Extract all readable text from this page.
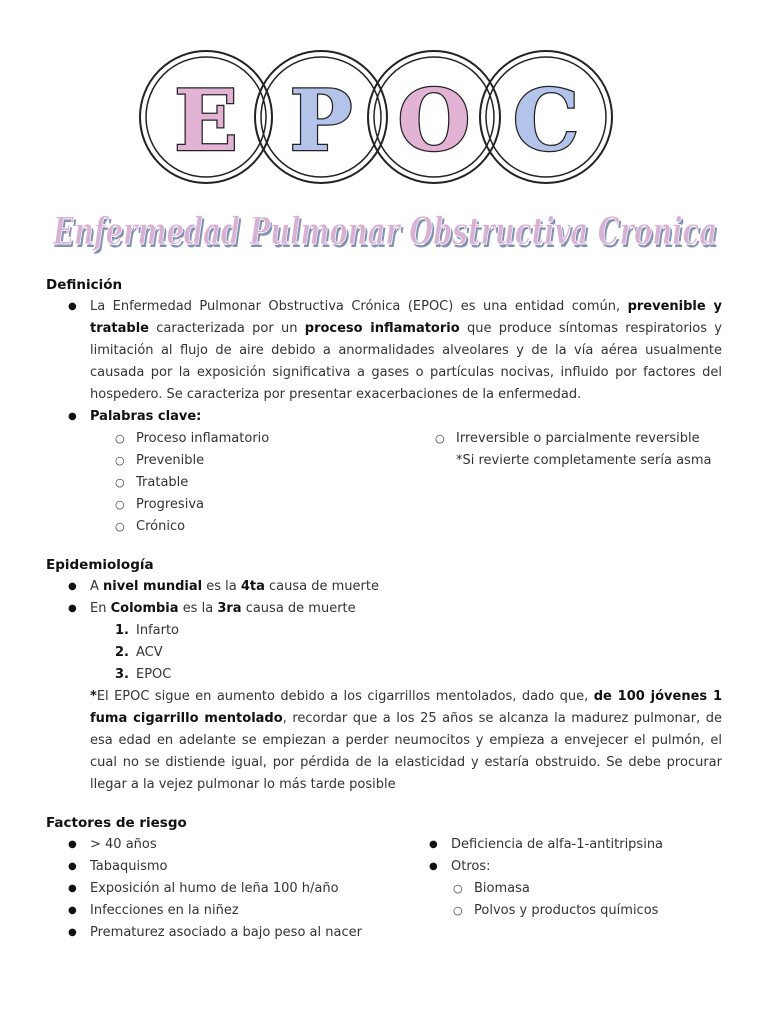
E P O C
Enfermedad Pulmonar Obstructiva Cronica
Enfermedad Pulmonar Obstructiva Cronica

Definición

● La Enfermedad Pulmonar Obstructiva Crónica (EPOC) es una entidad común, prevenible y tratable caracterizada por un proceso inflamatorio que produce síntomas respiratorios y limitación al flujo de aire debido a anormalidades alveolares y de la vía aérea usualmente causada por la exposición significativa a gases o partículas nocivas, influido por factores del hospedero. Se caracteriza por presentar exacerbaciones de la enfermedad.
● Palabras clave:
○ Proceso inflamatorio
○ Prevenible
○ Tratable
○ Progresiva
○ Crónico
○ Irreversible o parcialmente reversible
*Si revierte completamente sería asma

Epidemiología

● A nivel mundial es la 4ta causa de muerte
● En Colombia es la 3ra causa de muerte
1. Infarto
2. ACV
3. EPOC
*El EPOC sigue en aumento debido a los cigarrillos mentolados, dado que, de 100 jóvenes 1 fuma cigarrillo mentolado, recordar que a los 25 años se alcanza la madurez pulmonar, de esa edad en adelante se empiezan a perder neumocitos y empieza a envejecer el pulmón, el cual no se distiende igual, por pérdida de la elasticidad y estaría obstruido. Se debe procurar llegar a la vejez pulmonar lo más tarde posible

Factores de riesgo

● > 40 años
● Tabaquismo
● Exposición al humo de leña 100 h/año
● Infecciones en la niñez
● Prematurez asociado a bajo peso al nacer
● Deficiencia de alfa-1-antitripsina
● Otros:
○ Biomasa
○ Polvos y productos químicos
